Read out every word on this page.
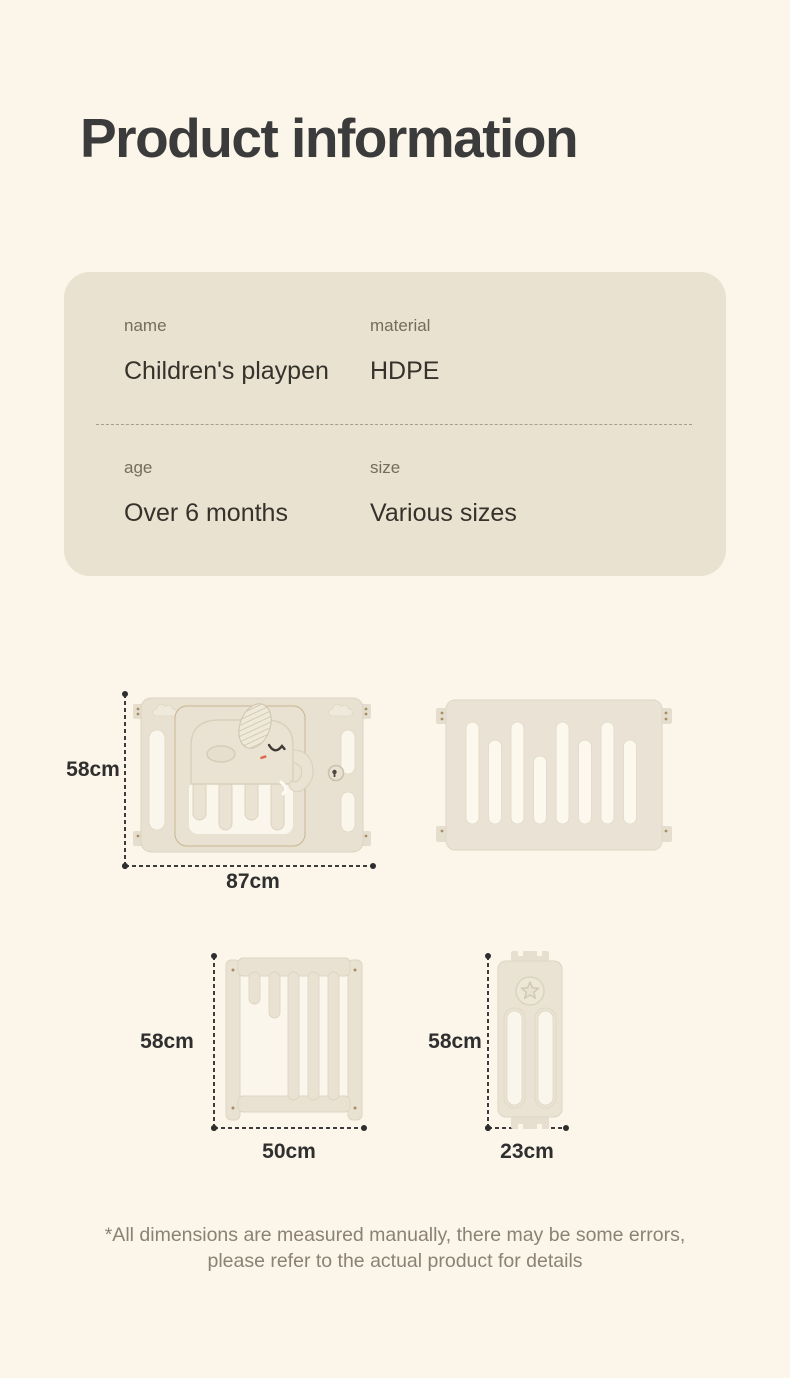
Product information
name
Children's playpen
material
HDPE
age
Over 6 months
size
Various sizes
58cm
87cm
58cm
50cm
58cm
23cm

*All dimensions are measured manually, there may be some errors,
please refer to the actual product for details
